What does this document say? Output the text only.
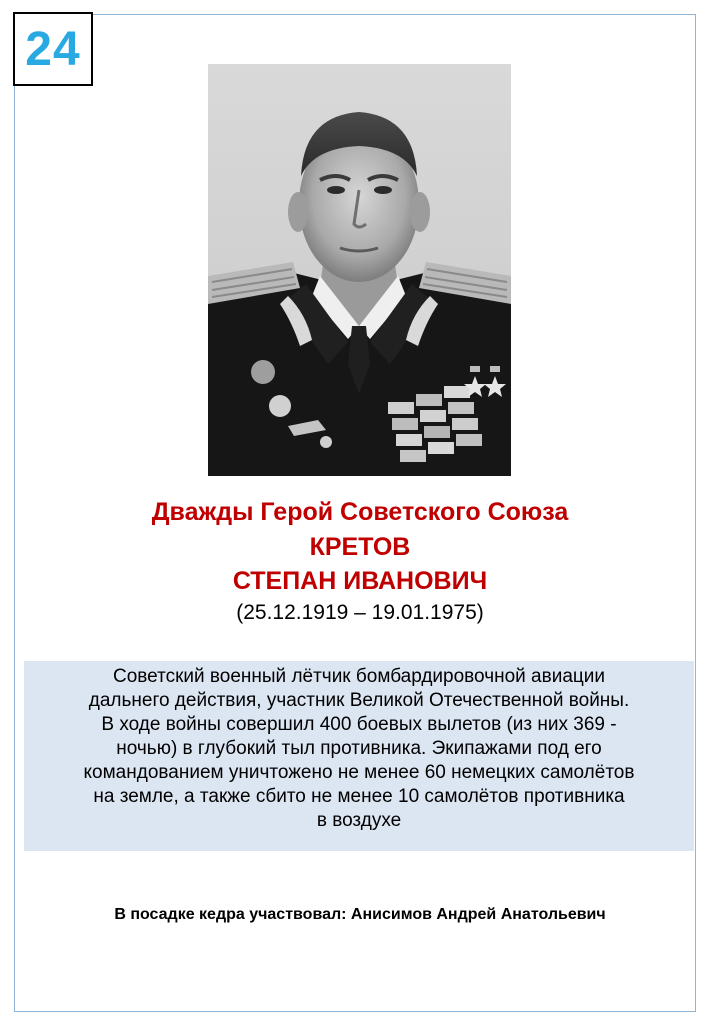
24
Дважды Герой Советского Союза
КРЕТОВ
СТЕПАН ИВАНОВИЧ
(25.12.1919 – 19.01.1975)

Советский военный лётчик бомбардировочной авиации
дальнего действия, участник Великой Отечественной войны.
В ходе войны совершил 400 боевых вылетов (из них 369 -
ночью) в глубокий тыл противника. Экипажами под его
командованием уничтожено не менее 60 немецких самолётов
на земле, а также сбито не менее 10 самолётов противника
в воздухе

В посадке кедра участвовал: Анисимов Андрей Анатольевич
